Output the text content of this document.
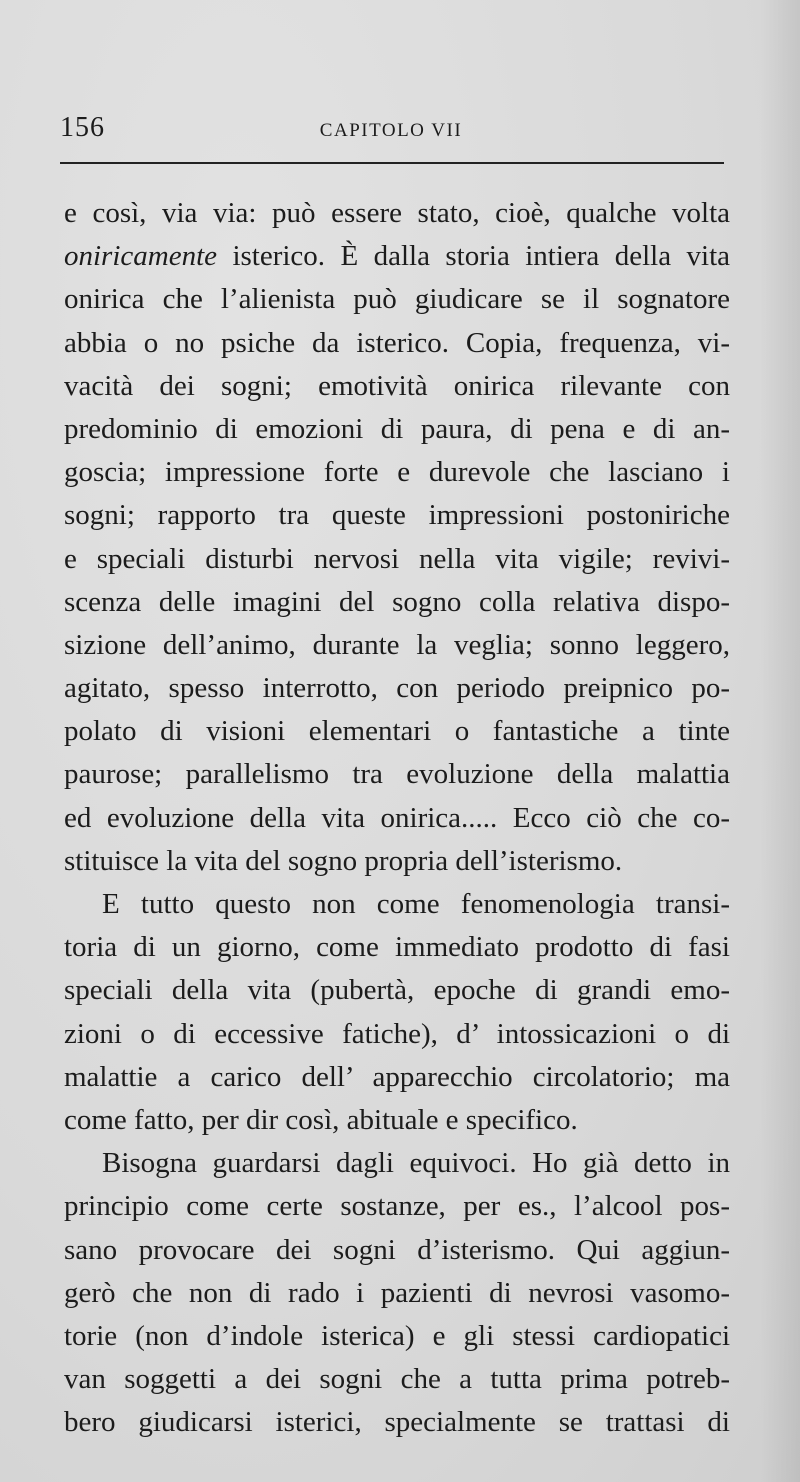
156	CAPITOLO VII
e così, via via: può essere stato, cioè, qualche volta
oniricamente isterico. È dalla storia intiera della vita
onirica che l’alienista può giudicare se il sognatore
abbia o no psiche da isterico. Copia, frequenza, vi-
vacità dei sogni; emotività onirica rilevante con
predominio di emozioni di paura, di pena e di an-
goscia; impressione forte e durevole che lasciano i
sogni; rapporto tra queste impressioni postoniriche
e speciali disturbi nervosi nella vita vigile; revivi-
scenza delle imagini del sogno colla relativa dispo-
sizione dell’animo, durante la veglia; sonno leggero,
agitato, spesso interrotto, con periodo preipnico po-
polato di visioni elementari o fantastiche a tinte
paurose; parallelismo tra evoluzione della malattia
ed evoluzione della vita onirica..... Ecco ciò che co-
stituisce la vita del sogno propria dell’isterismo.
E tutto questo non come fenomenologia transi-
toria di un giorno, come immediato prodotto di fasi
speciali della vita (pubertà, epoche di grandi emo-
zioni o di eccessive fatiche), d’ intossicazioni o di
malattie a carico dell’ apparecchio circolatorio; ma
come fatto, per dir così, abituale e specifico.
Bisogna guardarsi dagli equivoci. Ho già detto in
principio come certe sostanze, per es., l’alcool pos-
sano provocare dei sogni d’isterismo. Qui aggiun-
gerò che non di rado i pazienti di nevrosi vasomo-
torie (non d’indole isterica) e gli stessi cardiopatici
van soggetti a dei sogni che a tutta prima potreb-
bero giudicarsi isterici, specialmente se trattasi di
